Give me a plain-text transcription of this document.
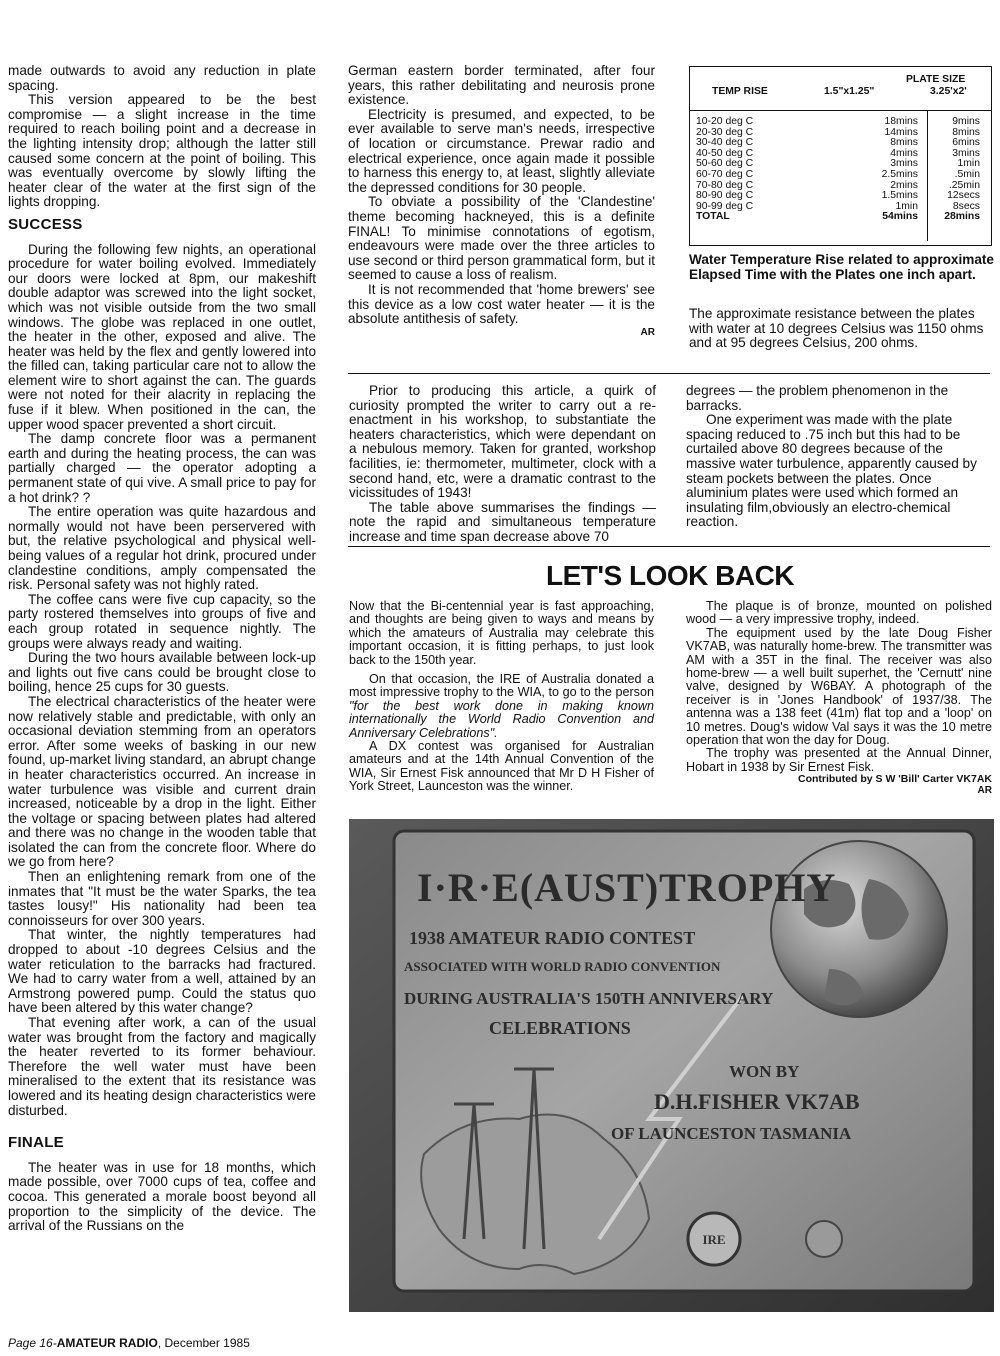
made outwards to avoid any reduction in plate spacing.

This version appeared to be the best compromise — a slight increase in the time required to reach boiling point and a decrease in the lighting intensity drop; although the latter still caused some concern at the point of boiling. This was eventually overcome by slowly lifting the heater clear of the water at the first sign of the lights dropping.

SUCCESS

During the following few nights, an operational procedure for water boiling evolved. Immediately our doors were locked at 8pm, our makeshift double adaptor was screwed into the light socket, which was not visible outside from the two small windows. The globe was replaced in one outlet, the heater in the other, exposed and alive. The heater was held by the flex and gently lowered into the filled can, taking particular care not to allow the element wire to short against the can. The guards were not noted for their alacrity in replacing the fuse if it blew. When positioned in the can, the upper wood spacer prevented a short circuit.

The damp concrete floor was a permanent earth and during the heating process, the can was partially charged — the operator adopting a permanent state of qui vive. A small price to pay for a hot drink? ?

The entire operation was quite hazardous and normally would not have been perservered with but, the relative psychological and physical well-being values of a regular hot drink, procured under clandestine conditions, amply compensated the risk. Personal safety was not highly rated.

The coffee cans were five cup capacity, so the party rostered themselves into groups of five and each group rotated in sequence nightly. The groups were always ready and waiting.

During the two hours available between lock-up and lights out five cans could be brought close to boiling, hence 25 cups for 30 guests.

The electrical characteristics of the heater were now relatively stable and predictable, with only an occasional deviation stemming from an operators error. After some weeks of basking in our new found, up-market living standard, an abrupt change in heater characteristics occurred. An increase in water turbulence was visible and current drain increased, noticeable by a drop in the light. Either the voltage or spacing between plates had altered and there was no change in the wooden table that isolated the can from the concrete floor. Where do we go from here?

Then an enlightening remark from one of the inmates that "It must be the water Sparks, the tea tastes lousy!" His nationality had been tea connoisseurs for over 300 years.

That winter, the nightly temperatures had dropped to about -10 degrees Celsius and the water reticulation to the barracks had fractured. We had to carry water from a well, attained by an Armstrong powered pump. Could the status quo have been altered by this water change?

That evening after work, a can of the usual water was brought from the factory and magically the heater reverted to its former behaviour. Therefore the well water must have been mineralised to the extent that its resistance was lowered and its heating design characteristics were disturbed.

FINALE

The heater was in use for 18 months, which made possible, over 7000 cups of tea, coffee and cocoa. This generated a morale boost beyond all proportion to the simplicity of the device. The arrival of the Russians on the

German eastern border terminated, after four years, this rather debilitating and neurosis prone existence.

Electricity is presumed, and expected, to be ever available to serve man's needs, irrespective of location or circumstance. Prewar radio and electrical experience, once again made it possible to harness this energy to, at least, slightly alleviate the depressed conditions for 30 people.

To obviate a possibility of the 'Clandestine' theme becoming hackneyed, this is a definite FINAL! To minimise connotations of egotism, endeavours were made over the three articles to use second or third person grammatical form, but it seemed to cause a loss of realism.

It is not recommended that 'home brewers' see this device as a low cost water heater — it is the absolute antithesis of safety.

AR
PLATE SIZE
TEMP RISE	1.5"x1.25"	3.25'x2'
10-20 deg C
20-30 deg C
30-40 deg C
40-50 deg C
50-60 deg C
60-70 deg C
70-80 deg C
80-90 deg C
90-99 deg C
TOTAL
18mins
14mins
8mins
4mins
3mins
2.5mins
2mins
1.5mins
1min
54mins
9mins
8mins
6mins
3mins
1min
.5min
.25min
12secs
8secs
28mins
Water Temperature Rise related to approximate Elapsed Time with the Plates one inch apart.
The approximate resistance between the plates with water at 10 degrees Celsius was 1150 ohms and at 95 degrees Celsius, 200 ohms.

Prior to producing this article, a quirk of curiosity prompted the writer to carry out a re-enactment in his workshop, to substantiate the heaters characteristics, which were dependant on a nebulous memory. Taken for granted, workshop facilities, ie: thermometer, multimeter, clock with a second hand, etc, were a dramatic contrast to the vicissitudes of 1943!

The table above summarises the findings — note the rapid and simultaneous temperature increase and time span decrease above 70

degrees — the problem phenomenon in the barracks.

One experiment was made with the plate spacing reduced to .75 inch but this had to be curtailed above 80 degrees because of the massive water turbulence, apparently caused by steam pockets between the plates. Once aluminium plates were used which formed an insulating film,obviously an electro-chemical reaction.

LET'S LOOK BACK

Now that the Bi-centennial year is fast approaching, and thoughts are being given to ways and means by which the amateurs of Australia may celebrate this important occasion, it is fitting perhaps, to just look back to the 150th year.

On that occasion, the IRE of Australia donated a most impressive trophy to the WIA, to go to the person "for the best work done in making known internationally the World Radio Convention and Anniversary Celebrations".

A DX contest was organised for Australian amateurs and at the 14th Annual Convention of the WIA, Sir Ernest Fisk announced that Mr D H Fisher of York Street, Launceston was the winner.

The plaque is of bronze, mounted on polished wood — a very impressive trophy, indeed.

The equipment used by the late Doug Fisher VK7AB, was naturally home-brew. The transmitter was AM with a 35T in the final. The receiver was also home-brew — a well built superhet, the 'Cernutt' nine valve, designed by W6BAY. A photograph of the receiver is in 'Jones Handbook' of 1937/38. The antenna was a 138 feet (41m) flat top and a 'loop' on 10 metres. Doug's widow Val says it was the 10 metre operation that won the day for Doug.

The trophy was presented at the Annual Dinner, Hobart in 1938 by Sir Ernest Fisk.

Contributed by S W 'Bill' Carter VK7AK
AR
IRE
I·R·E(AUST)TROPHY
1938 AMATEUR RADIO CONTEST
ASSOCIATED WITH WORLD RADIO CONVENTION
DURING AUSTRALIA'S 150TH ANNIVERSARY
CELEBRATIONS
WON BY
D.H.FISHER VK7AB
OF LAUNCESTON TASMANIA
Page 16-AMATEUR RADIO, December 1985
